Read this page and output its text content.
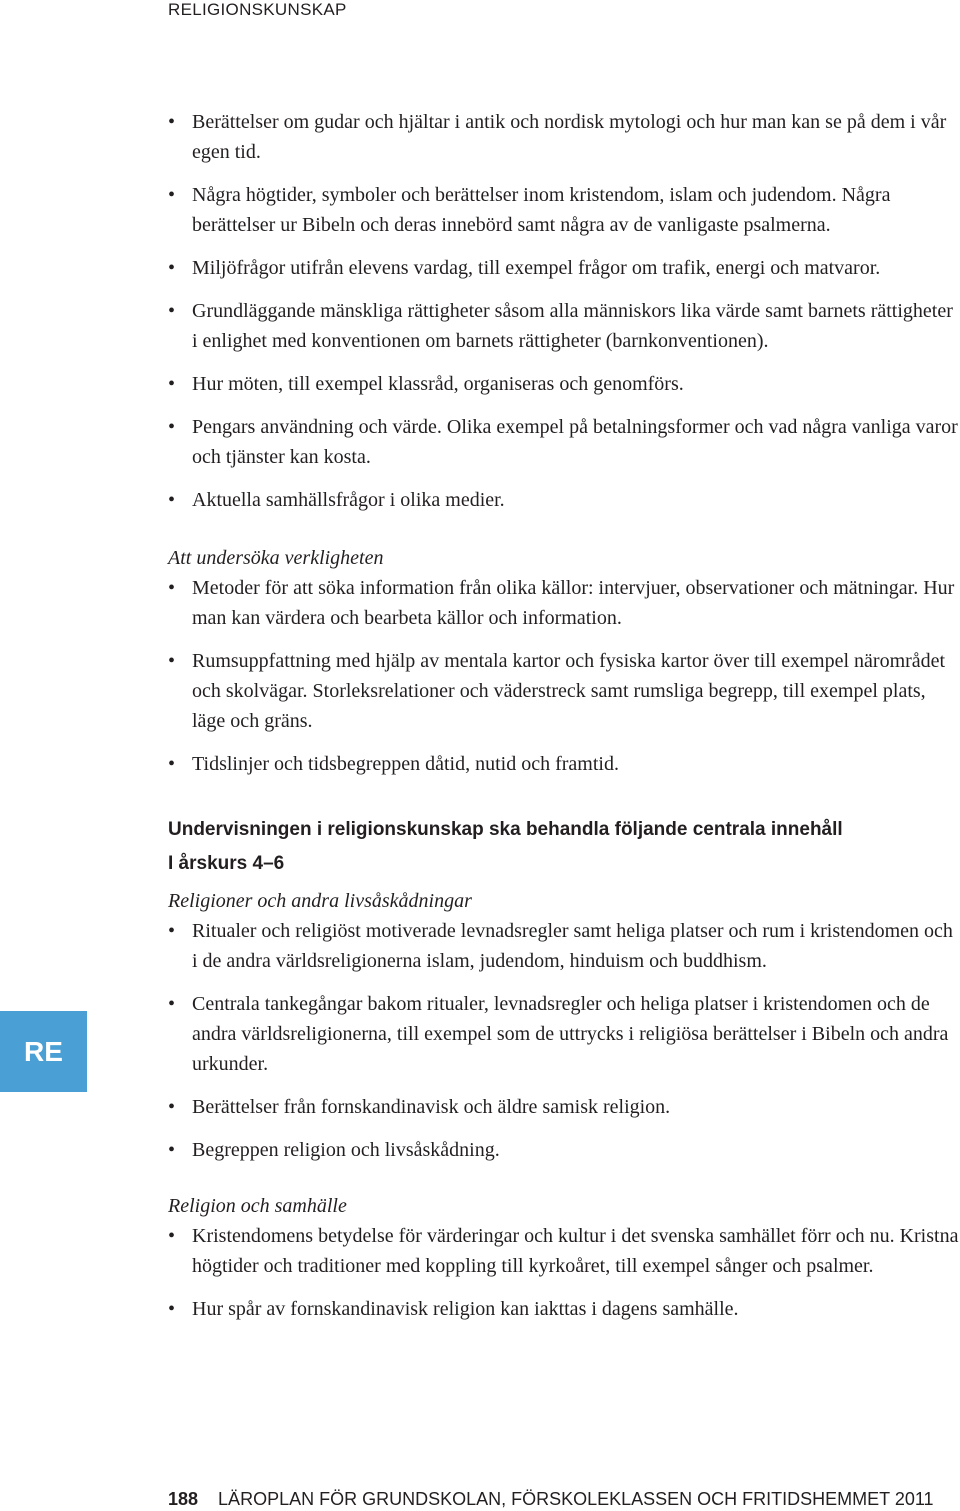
RELIGIONSKUNSKAP
• Berättelser om gudar och hjältar i antik och nordisk mytologi och hur man kan se på dem i vår egen tid.
• Några högtider, symboler och berättelser inom kristendom, islam och judendom. Några berättelser ur Bibeln och deras innebörd samt några av de vanligaste psalmerna.
• Miljöfrågor utifrån elevens vardag, till exempel frågor om trafik, energi och matvaror.
• Grundläggande mänskliga rättigheter såsom alla människors lika värde samt barnets rättigheter i enlighet med konventionen om barnets rättigheter (barnkonventionen).
• Hur möten, till exempel klassråd, organiseras och genomförs.
• Pengars användning och värde. Olika exempel på betalningsformer och vad några vanliga varor och tjänster kan kosta.
• Aktuella samhällsfrågor i olika medier.
Att undersöka verkligheten
• Metoder för att söka information från olika källor: intervjuer, observationer och mätningar. Hur man kan värdera och bearbeta källor och information.
• Rumsuppfattning med hjälp av mentala kartor och fysiska kartor över till exempel närområdet och skolvägar. Storleksrelationer och väderstreck samt rumsliga begrepp, till exempel plats, läge och gräns.
• Tidslinjer och tidsbegreppen dåtid, nutid och framtid.
Undervisningen i religionskunskap ska behandla följande centrala innehåll
I årskurs 4–6
Religioner och andra livsåskådningar
• Ritualer och religiöst motiverade levnadsregler samt heliga platser och rum i kristendomen och i de andra världsreligionerna islam, judendom, hinduism och buddhism.
• Centrala tankegångar bakom ritualer, levnadsregler och heliga platser i kristendomen och de andra världsreligionerna, till exempel som de uttrycks i religiösa berättelser i Bibeln och andra urkunder.
• Berättelser från fornskandinavisk och äldre samisk religion.
• Begreppen religion och livsåskådning.
Religion och samhälle
• Kristendomens betydelse för värderingar och kultur i det svenska samhället förr och nu. Kristna högtider och traditioner med koppling till kyrkoåret, till exempel sånger och psalmer.
• Hur spår av fornskandinavisk religion kan iakttas i dagens samhälle.
RE
188 LÄROPLAN FÖR GRUNDSKOLAN, FÖRSKOLEKLASSEN OCH FRITIDSHEMMET 2011
